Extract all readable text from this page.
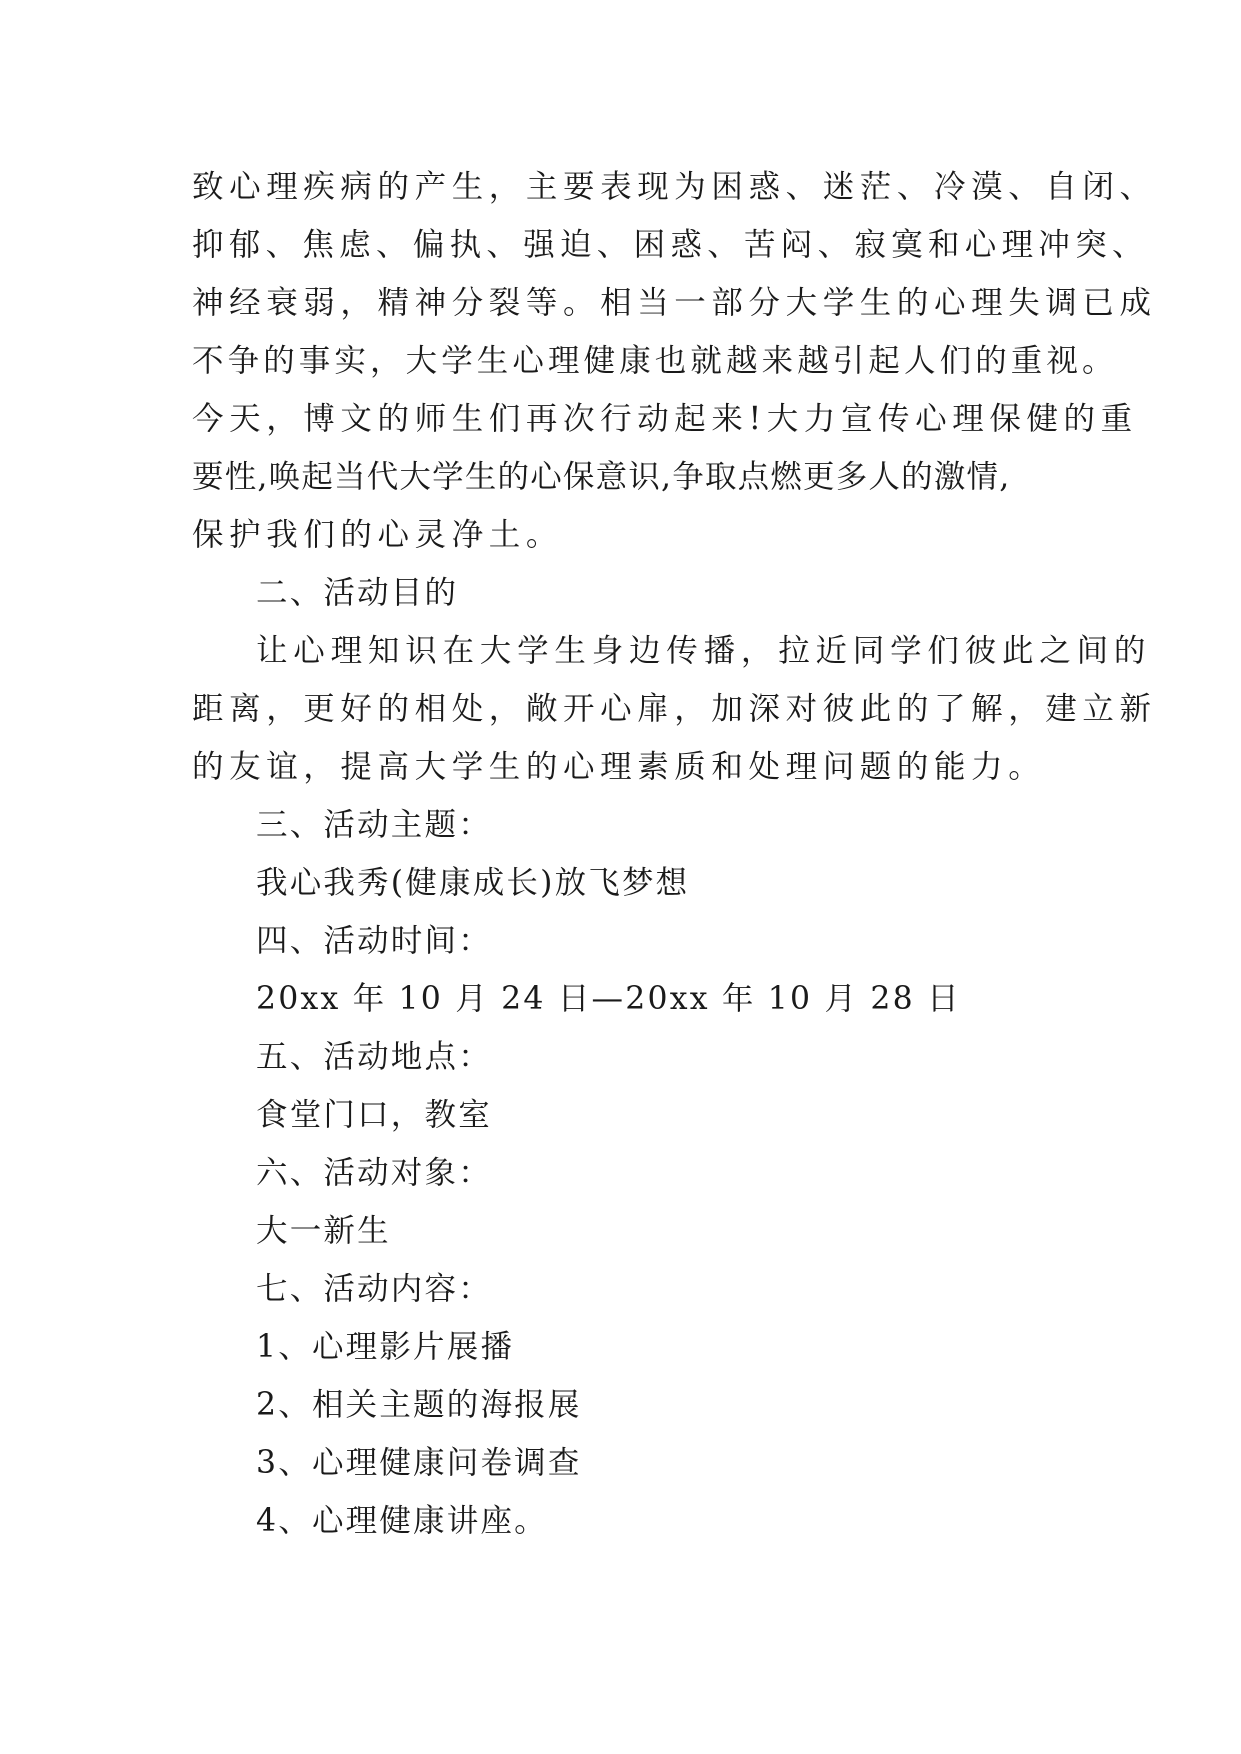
致心理疾病的产生，主要表现为困惑、迷茫、冷漠、自闭、
抑郁、焦虑、偏执、强迫、困惑、苦闷、寂寞和心理冲突、
神经衰弱，精神分裂等。相当一部分大学生的心理失调已成
不争的事实，大学生心理健康也就越来越引起人们的重视。
今天，博文的师生们再次行动起来!大力宣传心理保健的重
要性,唤起当代大学生的心保意识,争取点燃更多人的激情,
保护我们的心灵净土。
二、活动目的
让心理知识在大学生身边传播，拉近同学们彼此之间的
距离，更好的相处，敞开心扉，加深对彼此的了解，建立新
的友谊，提高大学生的心理素质和处理问题的能力。
三、活动主题：
我心我秀(健康成长)放飞梦想
四、活动时间：
20xx 年 10 月 24 日—20xx 年 10 月 28 日
五、活动地点：
食堂门口，教室
六、活动对象：
大一新生
七、活动内容：
1、心理影片展播
2、相关主题的海报展
3、心理健康问卷调查
4、心理健康讲座。
